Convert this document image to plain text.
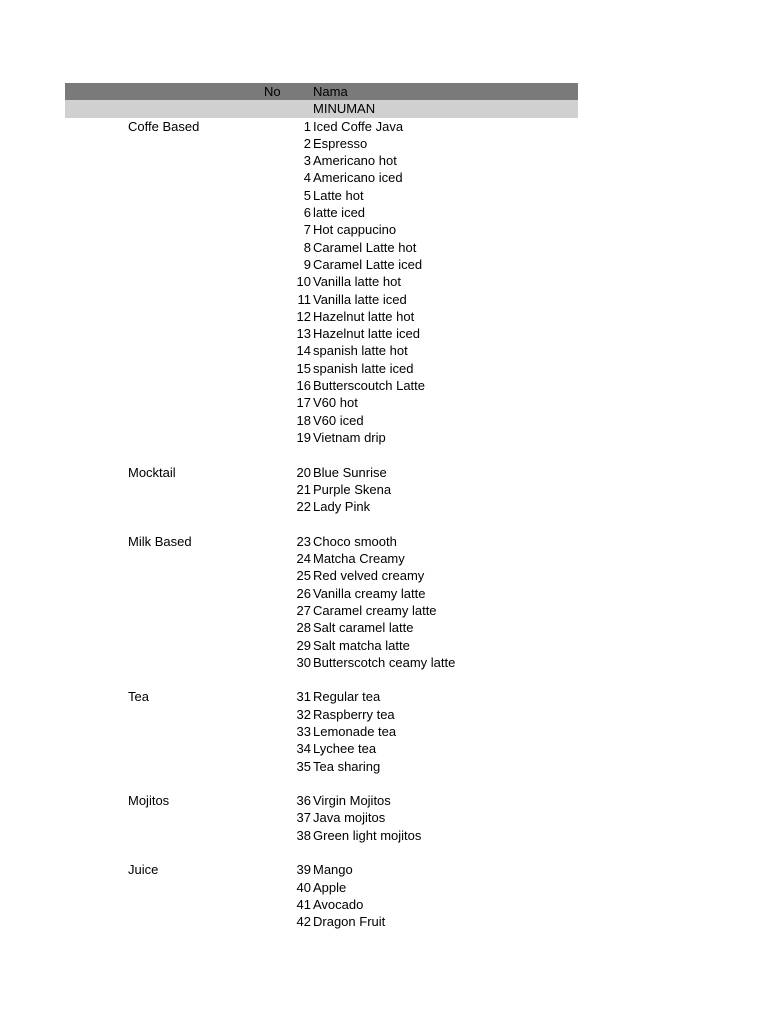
No Nama
MINUMAN
Coffe Based	1 Iced Coffe Java
2 Espresso
3 Americano hot
4 Americano iced
5 Latte hot
6 latte iced
7 Hot cappucino
8 Caramel Latte hot
9 Caramel Latte iced
10 Vanilla latte hot
11 Vanilla latte iced
12 Hazelnut latte hot
13 Hazelnut latte iced
14 spanish latte hot
15 spanish latte iced
16 Butterscoutch Latte
17 V60 hot
18 V60 iced
19 Vietnam drip
Mocktail	20 Blue Sunrise
21 Purple Skena
22 Lady Pink
Milk Based	23 Choco smooth
24 Matcha Creamy
25 Red velved creamy
26 Vanilla creamy latte
27 Caramel creamy latte
28 Salt caramel latte
29 Salt matcha latte
30 Butterscotch ceamy latte
Tea	31 Regular tea
32 Raspberry tea
33 Lemonade tea
34 Lychee tea
35 Tea sharing
Mojitos	36 Virgin Mojitos
37 Java mojitos
38 Green light mojitos
Juice	39 Mango
40 Apple
41 Avocado
42 Dragon Fruit
